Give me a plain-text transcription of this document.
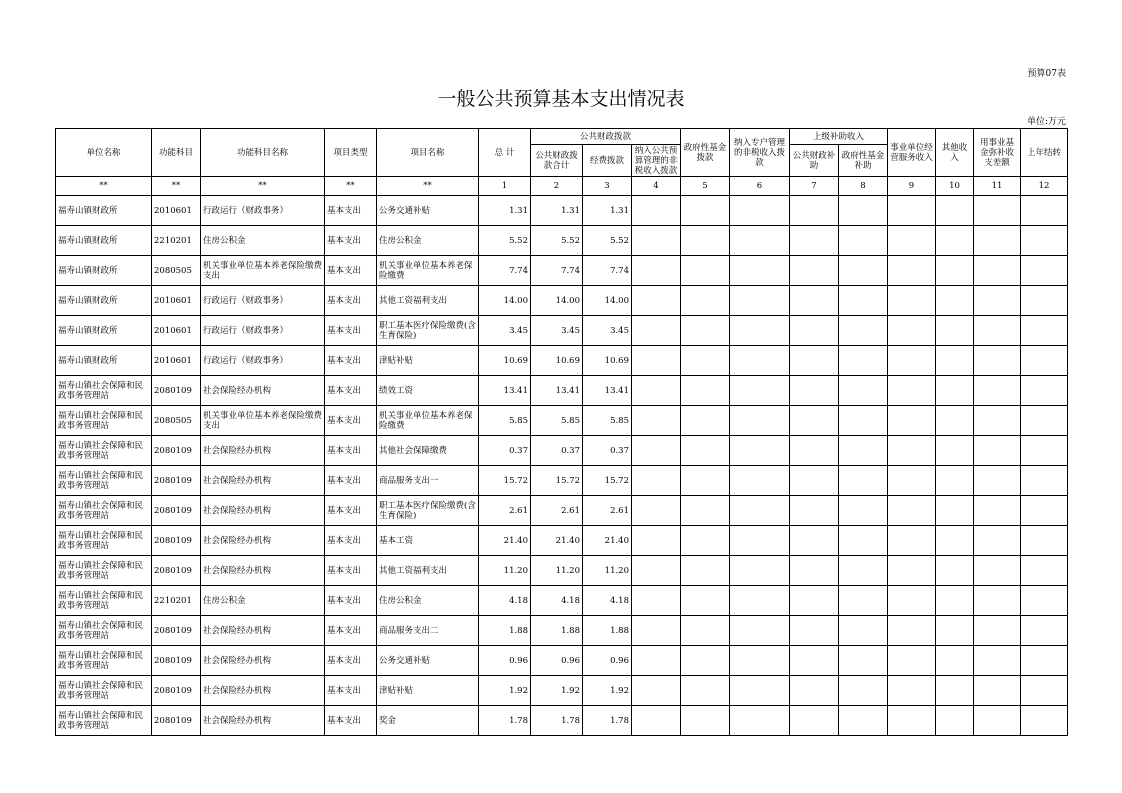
预算07表
一般公共预算基本支出情况表
单位:万元
单位名称	功能科目	功能科目名称	项目类型	项目名称	总 计	公共财政拨款			政府性基金拨款	纳入专户管理的非税收入拨款	上级补助收入		事业单位经营服务收入	其他收入	用事业基金弥补收支差额	上年结转
						公共财政拨款合计	经费拨款	纳入公共预算管理的非税收入拨款								
											公共财政补助	政府性基金补助				
**	**	**	**	**	1	2	3	4	5	6	7	8	9	10	11	12
福寿山镇财政所	2010601	行政运行（财政事务）	基本支出	公务交通补贴	1.31	1.31	1.31									
福寿山镇财政所	2210201	住房公积金	基本支出	住房公积金	5.52	5.52	5.52									
福寿山镇财政所	2080505	机关事业单位基本养老保险缴费支出	基本支出	机关事业单位基本养老保险缴费	7.74	7.74	7.74									
福寿山镇财政所	2010601	行政运行（财政事务）	基本支出	其他工资福利支出	14.00	14.00	14.00									
福寿山镇财政所	2010601	行政运行（财政事务）	基本支出	职工基本医疗保险缴费(含生育保险)	3.45	3.45	3.45									
福寿山镇财政所	2010601	行政运行（财政事务）	基本支出	津贴补贴	10.69	10.69	10.69									
福寿山镇社会保障和民政事务管理站	2080109	社会保险经办机构	基本支出	绩效工资	13.41	13.41	13.41									
福寿山镇社会保障和民政事务管理站	2080505	机关事业单位基本养老保险缴费支出	基本支出	机关事业单位基本养老保险缴费	5.85	5.85	5.85									
福寿山镇社会保障和民政事务管理站	2080109	社会保险经办机构	基本支出	其他社会保障缴费	0.37	0.37	0.37									
福寿山镇社会保障和民政事务管理站	2080109	社会保险经办机构	基本支出	商品服务支出一	15.72	15.72	15.72									
福寿山镇社会保障和民政事务管理站	2080109	社会保险经办机构	基本支出	职工基本医疗保险缴费(含生育保险)	2.61	2.61	2.61									
福寿山镇社会保障和民政事务管理站	2080109	社会保险经办机构	基本支出	基本工资	21.40	21.40	21.40									
福寿山镇社会保障和民政事务管理站	2080109	社会保险经办机构	基本支出	其他工资福利支出	11.20	11.20	11.20									
福寿山镇社会保障和民政事务管理站	2210201	住房公积金	基本支出	住房公积金	4.18	4.18	4.18									
福寿山镇社会保障和民政事务管理站	2080109	社会保险经办机构	基本支出	商品服务支出二	1.88	1.88	1.88									
福寿山镇社会保障和民政事务管理站	2080109	社会保险经办机构	基本支出	公务交通补贴	0.96	0.96	0.96									
福寿山镇社会保障和民政事务管理站	2080109	社会保险经办机构	基本支出	津贴补贴	1.92	1.92	1.92									
福寿山镇社会保障和民政事务管理站	2080109	社会保险经办机构	基本支出	奖金	1.78	1.78	1.78									
